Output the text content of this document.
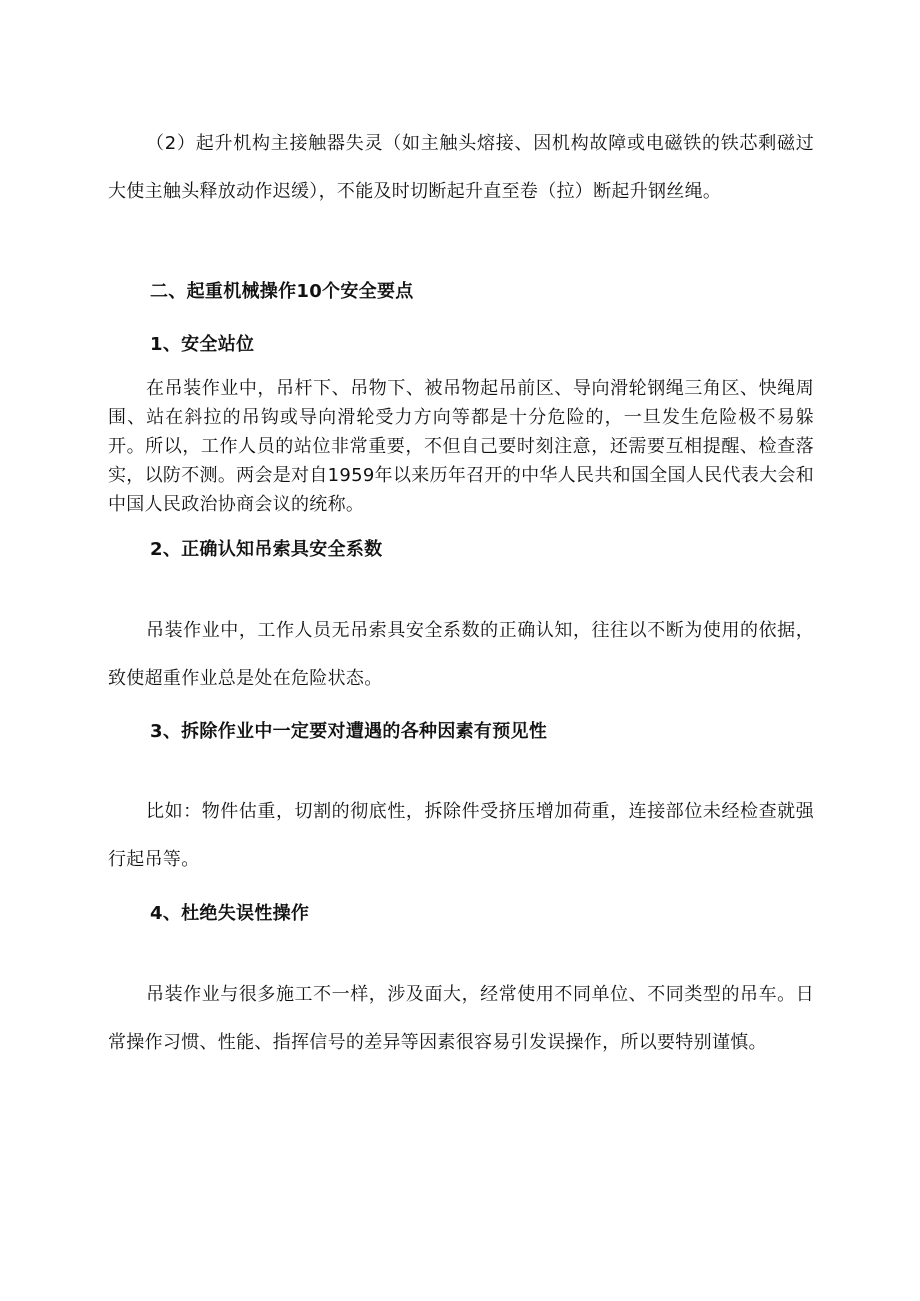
（2）起升机构主接触器失灵（如主触头熔接、因机构故障或电磁铁的铁芯剩磁过大使主触头释放动作迟缓），不能及时切断起升直至卷（拉）断起升钢丝绳。

二、起重机械操作10个安全要点

1、安全站位

在吊装作业中，吊杆下、吊物下、被吊物起吊前区、导向滑轮钢绳三角区、快绳周围、站在斜拉的吊钩或导向滑轮受力方向等都是十分危险的，一旦发生危险极不易躲开。所以，工作人员的站位非常重要，不但自己要时刻注意，还需要互相提醒、检查落实，以防不测。两会是对自1959年以来历年召开的中华人民共和国全国人民代表大会和中国人民政治协商会议的统称。

2、正确认知吊索具安全系数

吊装作业中，工作人员无吊索具安全系数的正确认知，往往以不断为使用的依据，致使超重作业总是处在危险状态。

3、拆除作业中一定要对遭遇的各种因素有预见性

比如：物件估重，切割的彻底性，拆除件受挤压增加荷重，连接部位未经检查就强行起吊等。

4、杜绝失误性操作

吊装作业与很多施工不一样，涉及面大，经常使用不同单位、不同类型的吊车。日常操作习惯、性能、指挥信号的差异等因素很容易引发误操作，所以要特别谨慎。
